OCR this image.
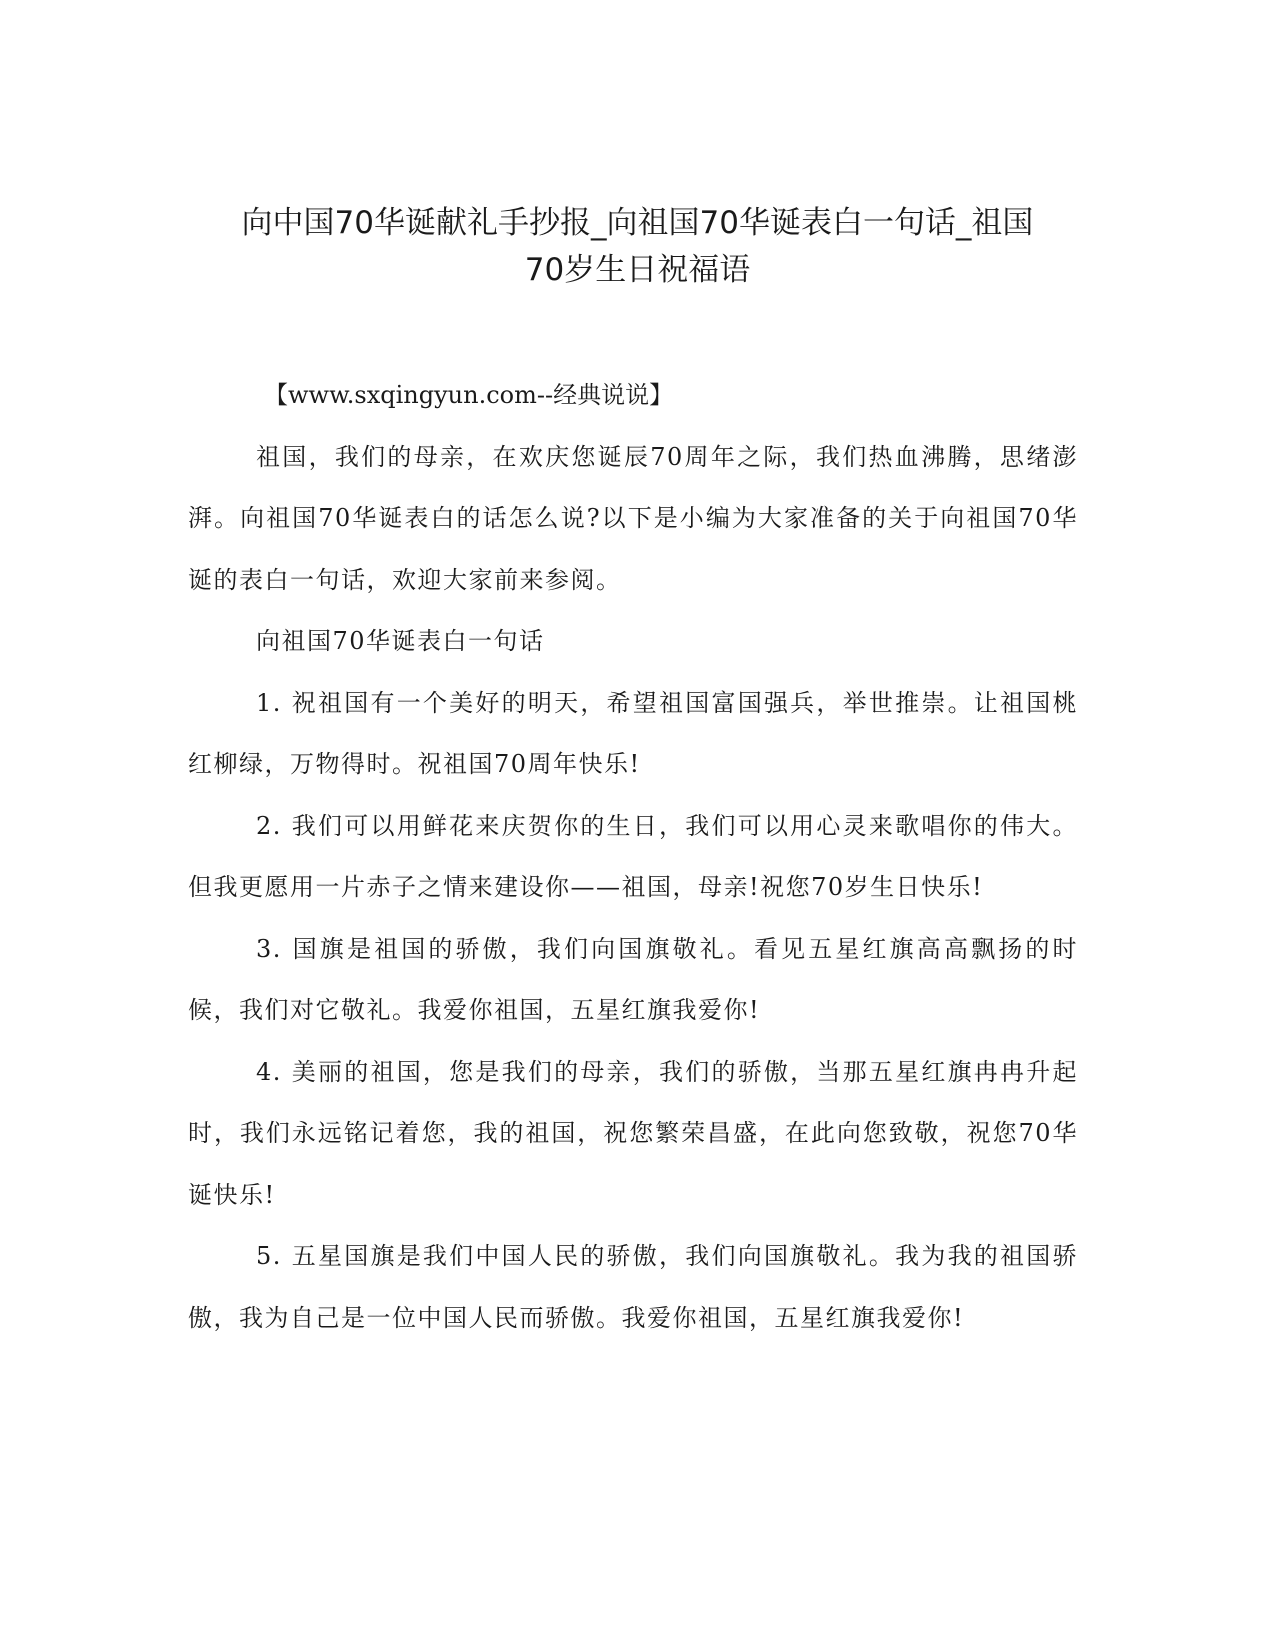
向中国70华诞献礼手抄报_向祖国70华诞表白一句话_祖国
70岁生日祝福语

【www.sxqingyun.com--经典说说】

祖国，我们的母亲，在欢庆您诞辰70周年之际，我们热血沸腾，思绪澎湃。向祖国70华诞表白的话怎么说?以下是小编为大家准备的关于向祖国70华诞的表白一句话，欢迎大家前来参阅。

向祖国70华诞表白一句话

1. 祝祖国有一个美好的明天，希望祖国富国强兵，举世推崇。让祖国桃红柳绿，万物得时。祝祖国70周年快乐!

2. 我们可以用鲜花来庆贺你的生日，我们可以用心灵来歌唱你的伟大。但我更愿用一片赤子之情来建设你——祖国，母亲!祝您70岁生日快乐!

3. 国旗是祖国的骄傲，我们向国旗敬礼。看见五星红旗高高飘扬的时候，我们对它敬礼。我爱你祖国，五星红旗我爱你!

4. 美丽的祖国，您是我们的母亲，我们的骄傲，当那五星红旗冉冉升起时，我们永远铭记着您，我的祖国，祝您繁荣昌盛，在此向您致敬，祝您70华诞快乐!

5. 五星国旗是我们中国人民的骄傲，我们向国旗敬礼。我为我的祖国骄傲，我为自己是一位中国人民而骄傲。我爱你祖国，五星红旗我爱你!
